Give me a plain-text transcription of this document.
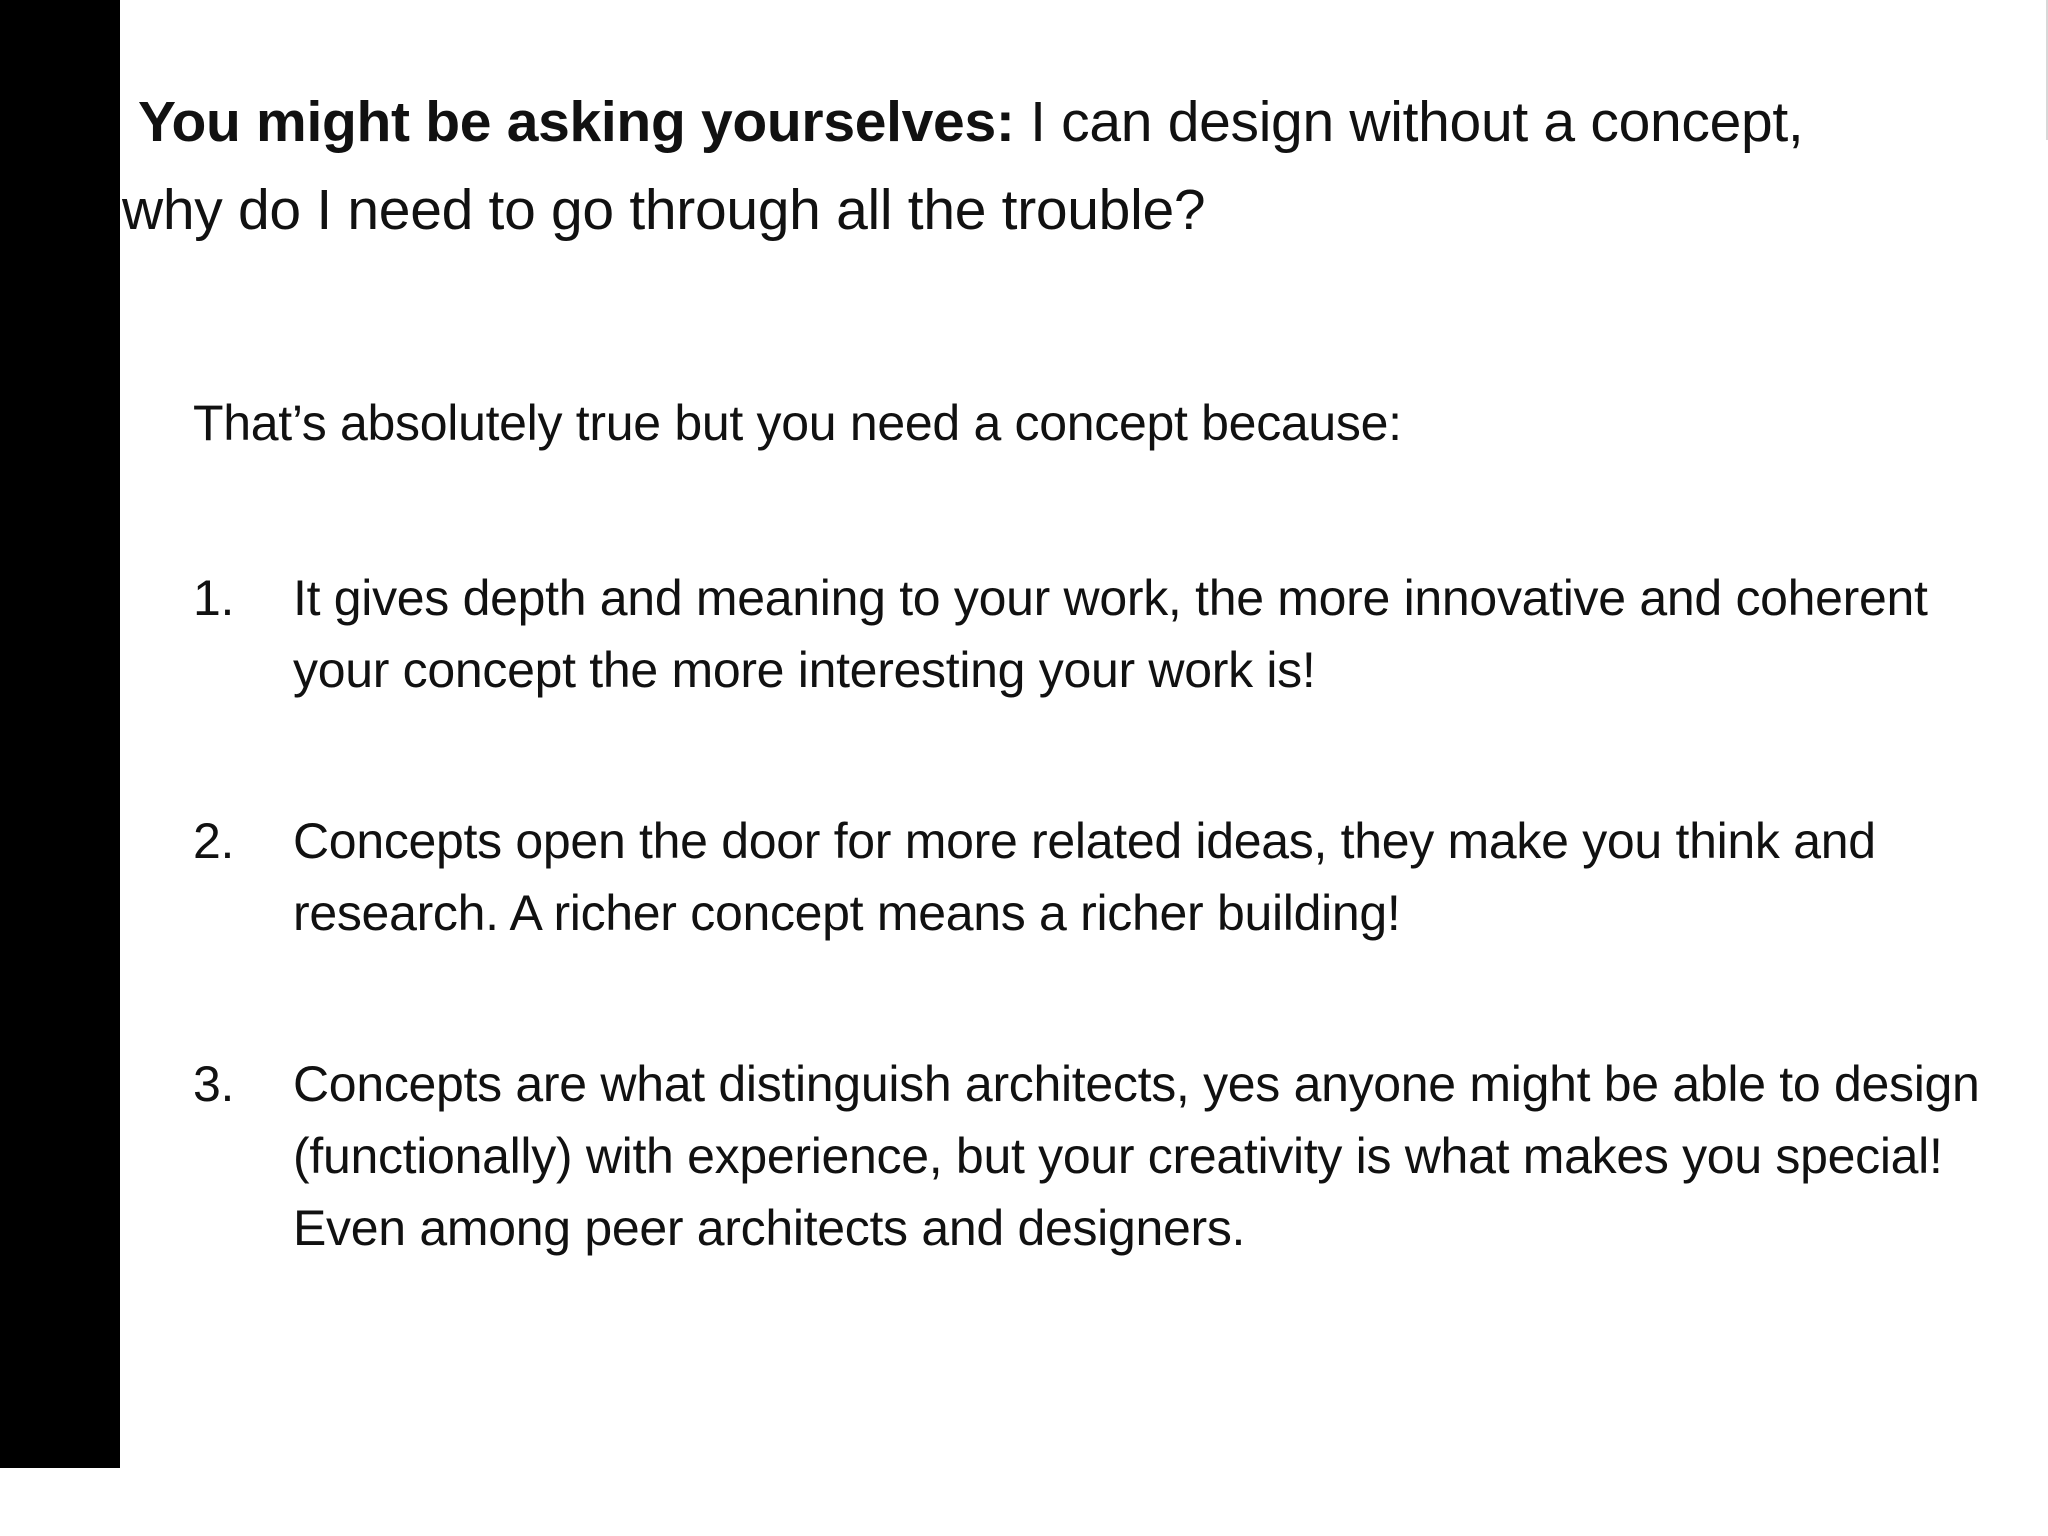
You might be asking yourselves: I can design without a concept,
why do I need to go through all the trouble?
That’s absolutely true but you need a concept because:
1.	It gives depth and meaning to your work, the more innovative and coherent your concept the more interesting your work is!
2.	Concepts open the door for more related ideas, they make you think and research. A richer concept means a richer building!
3.	Concepts are what distinguish architects, yes anyone might be able to design (functionally) with experience, but your creativity is what makes you special! Even among peer architects and designers.
